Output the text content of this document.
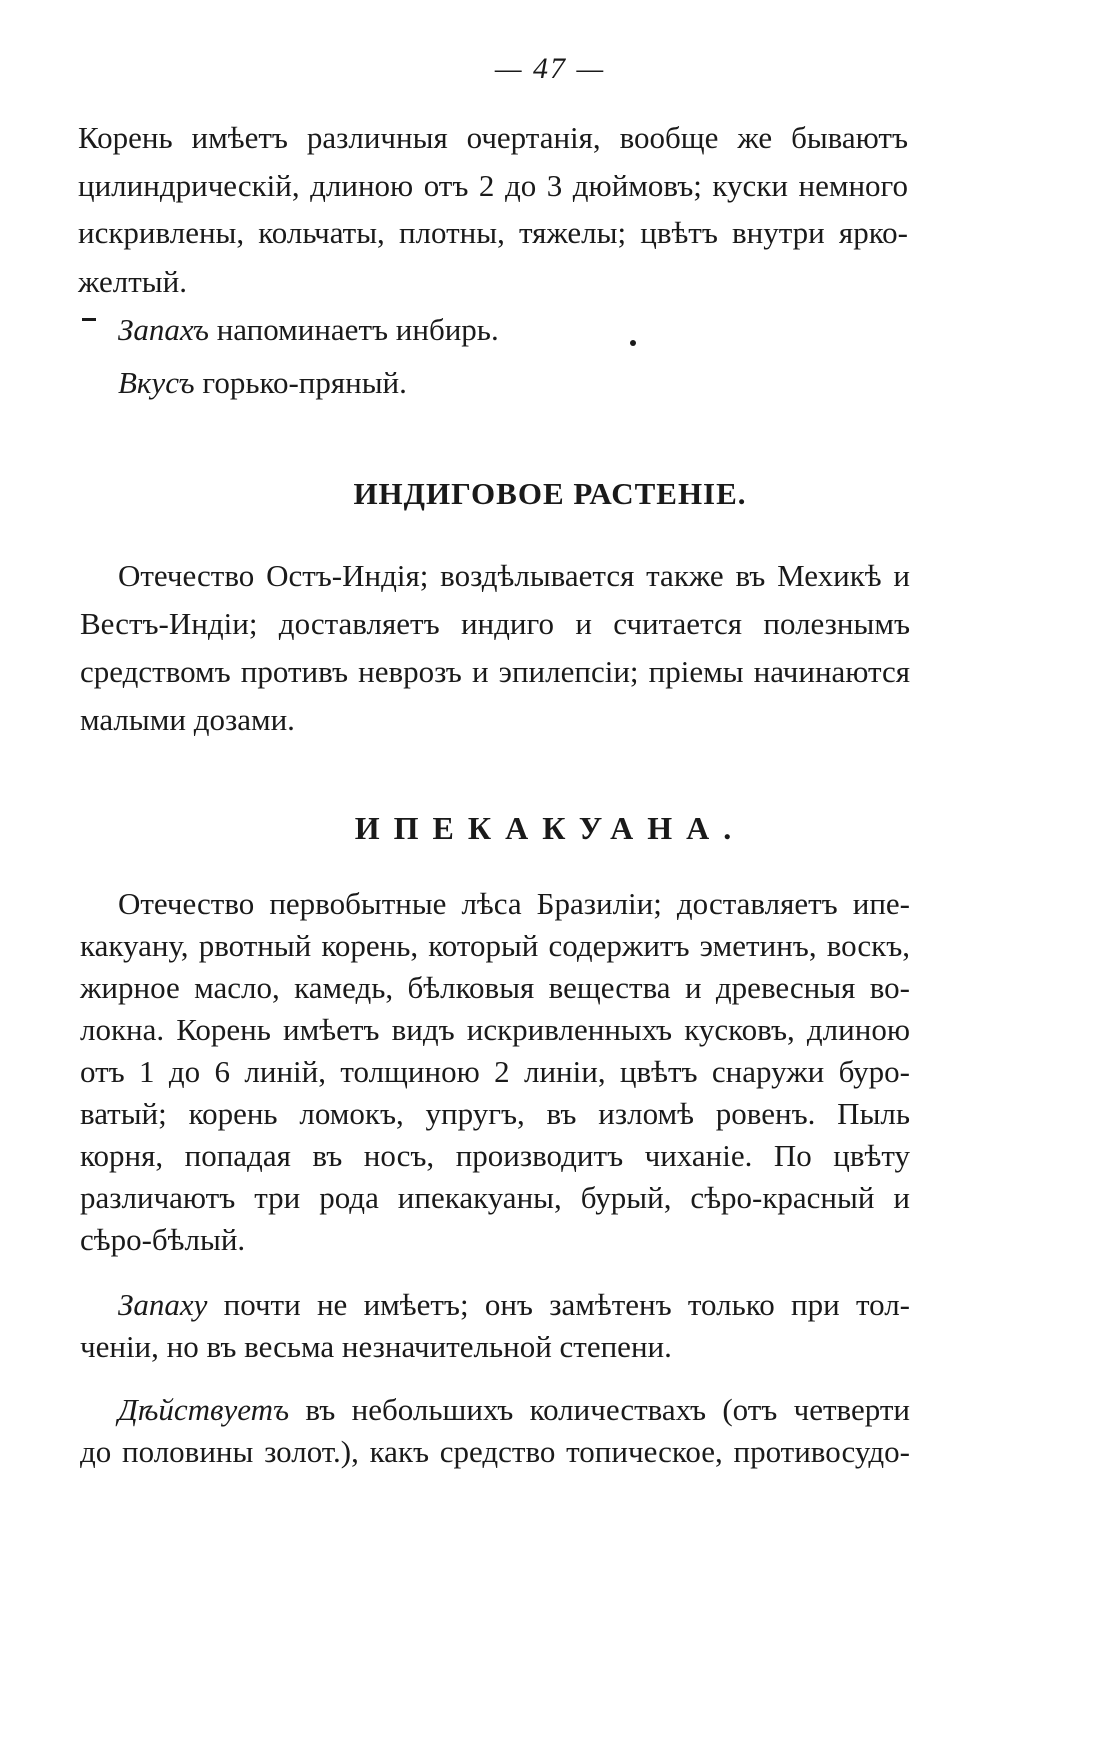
— 47 —
Корень имѣетъ различныя очертанія, вообще же бываютъ
цилиндрическій, длиною отъ 2 до 3 дюймовъ; куски немного
искривлены, кольчаты, плотны, тяжелы; цвѣтъ внутри ярко-
желтый.
Запахъ напоминаетъ инбирь.
Вкусъ горько-пряный.
ИНДИГОВОЕ РАСТЕНІЕ.
Отечество Остъ-Индія; воздѣлывается также въ Мехикѣ и
Вестъ-Индіи; доставляетъ индиго и считается полезнымъ
средствомъ противъ неврозъ и эпилепсіи; пріемы начинаются
малыми дозами.
ИПЕКАКУАНА.
Отечество первобытные лѣса Бразиліи; доставляетъ ипе-
какуану, рвотный корень, который содержитъ эметинъ, воскъ,
жирное масло, камедь, бѣлковыя вещества и древесныя во-
локна. Корень имѣетъ видъ искривленныхъ кусковъ, длиною
отъ 1 до 6 линій, толщиною 2 линіи, цвѣтъ снаружи буро-
ватый; корень ломокъ, упругъ, въ изломѣ ровенъ. Пыль
корня, попадая въ носъ, производитъ чиханіе. По цвѣту
различаютъ три рода ипекакуаны, бурый, сѣро-красный и
сѣро-бѣлый.
Запаху почти не имѣетъ; онъ замѣтенъ только при тол-
ченіи, но въ весьма незначительной степени.
Дѣйствуетъ въ небольшихъ количествахъ (отъ четверти
до половины золот.), какъ средство топическое, противосудо-
